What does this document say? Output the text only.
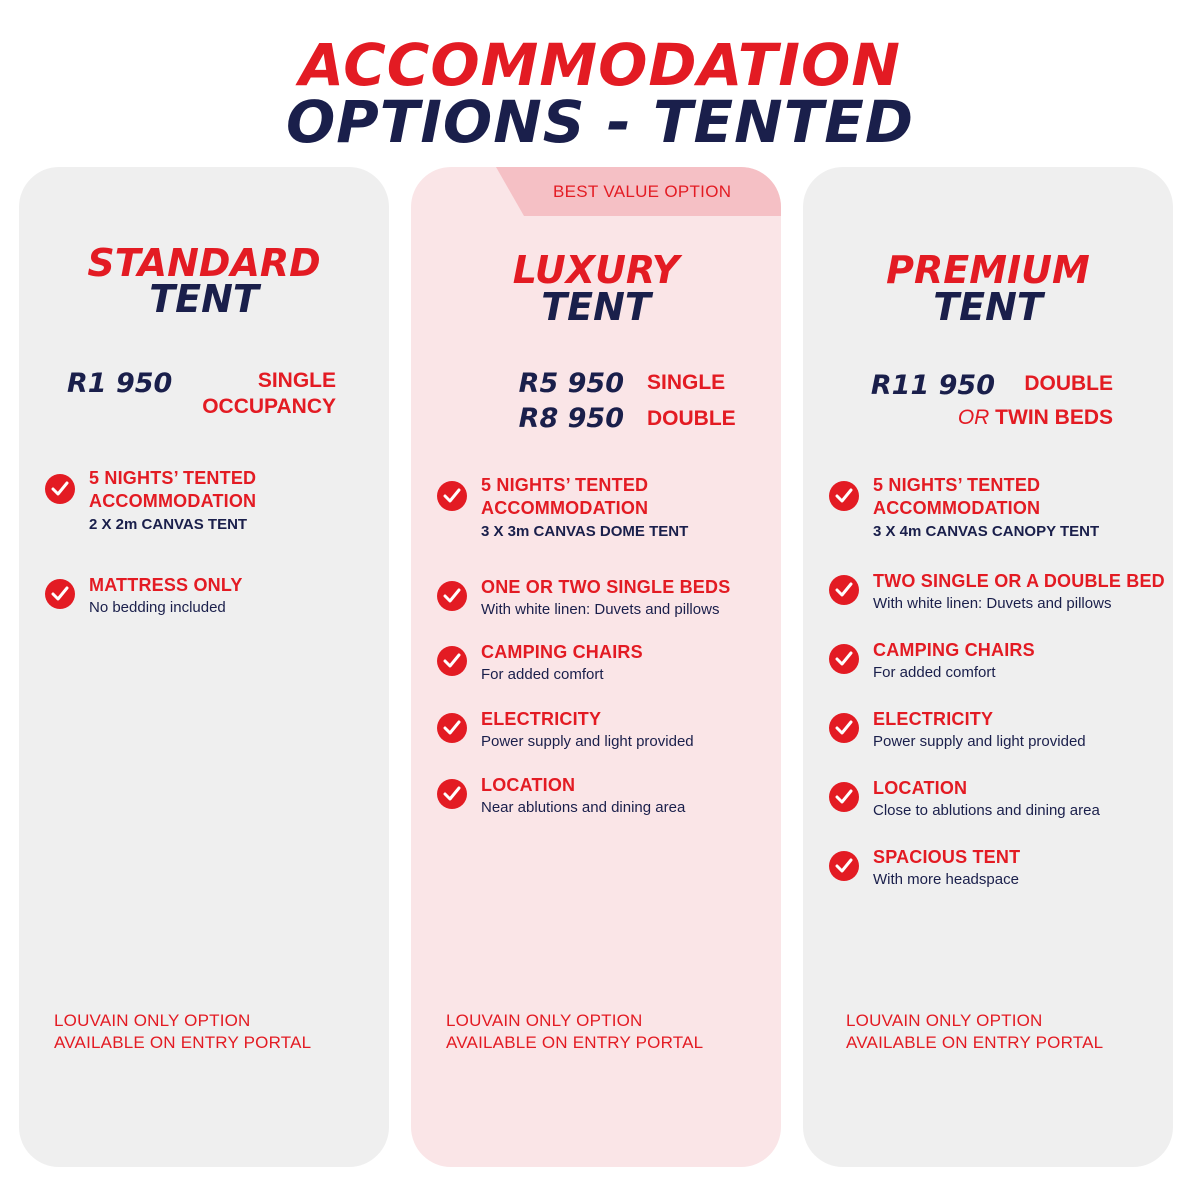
ACCOMMODATION
OPTIONS - TENTED
STANDARD
TENT
R1 950	SINGLE
OCCUPANCY
5 NIGHTS’ TENTED
ACCOMMODATION
2 X 2m CANVAS TENT
MATTRESS ONLY
No bedding included
LOUVAIN ONLY OPTION
AVAILABLE ON ENTRY PORTAL
BEST VALUE OPTION
LUXURY
TENT
R5 950
R8 950
SINGLE
DOUBLE
5 NIGHTS’ TENTED
ACCOMMODATION
3 X 3m CANVAS DOME TENT
ONE OR TWO SINGLE BEDS
With white linen: Duvets and pillows
CAMPING CHAIRS
For added comfort
ELECTRICITY
Power supply and light provided
LOCATION
Near ablutions and dining area
LOUVAIN ONLY OPTION
AVAILABLE ON ENTRY PORTAL
PREMIUM
TENT
R11 950	DOUBLE
OR TWIN BEDS
5 NIGHTS’ TENTED
ACCOMMODATION
3 X 4m CANVAS CANOPY TENT
TWO SINGLE OR A DOUBLE BED
With white linen: Duvets and pillows
CAMPING CHAIRS
For added comfort
ELECTRICITY
Power supply and light provided
LOCATION
Close to ablutions and dining area
SPACIOUS TENT
With more headspace
LOUVAIN ONLY OPTION
AVAILABLE ON ENTRY PORTAL
